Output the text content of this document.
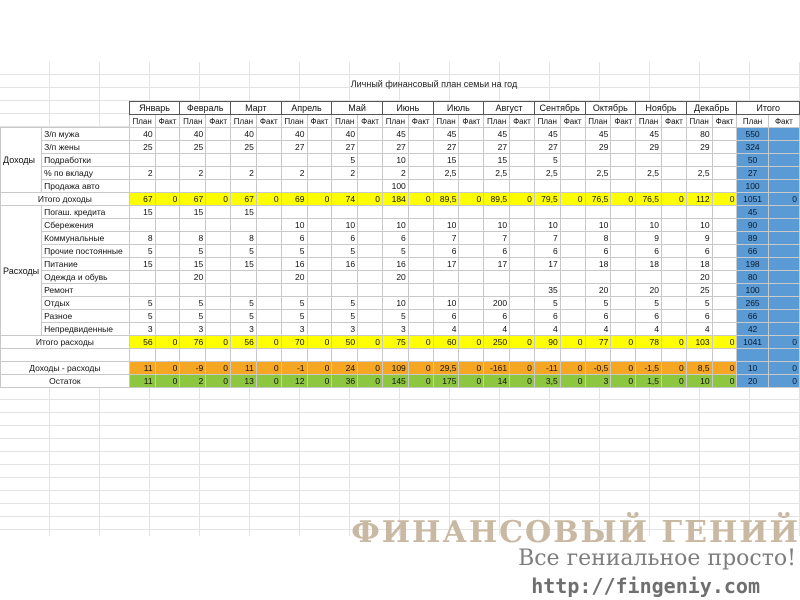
Личный финансовый план семьи на год
		Январь		Февраль		Март		Апрель		Май		Июнь		Июль		Август		Сентябрь		Октябрь		Ноябрь		Декабрь		Итого	
		План	Факт	План	Факт	План	Факт	План	Факт	План	Факт	План	Факт	План	Факт	План	Факт	План	Факт	План	Факт	План	Факт	План	Факт	План	Факт
Доходы	З/п мужа	40		40		40		40		40		45		45		45		45		45		45		80		550	
	З/п жены	25		25		25		27		27		27		27		27		27		29		29		29		324	
	Подработки									5		10		15		15		5								50	
	% по вкладу	2		2		2		2		2		2		2,5		2,5		2,5		2,5		2,5		2,5		27	
	Продажа авто											100														100	
Итого доходы		67	0	67	0	67	0	69	0	74	0	184	0	89,5	0	89,5	0	79,5	0	76,5	0	76,5	0	112	0	1051	0
Расходы	Погаш. кредита	15		15		15																				45	
	Сбережения							10		10		10		10		10		10		10		10		10		90	
	Коммунальные	8		8		8		6		6		6		7		7		7		8		9		9		89	
	Прочие постоянные	5		5		5		5		5		5		6		6		6		6		6		6		66	
	Питание	15		15		15		16		16		16		17		17		17		18		18		18		198	
	Одежда и обувь			20				20				20												20		80	
	Ремонт																	35		20		20		25		100	
	Отдых	5		5		5		5		5		10		10		200		5		5		5		5		265	
	Разное	5		5		5		5		5		5		6		6		6		6		6		6		66	
	Непредвиденные	3		3		3		3		3		3		4		4		4		4		4		4		42	
Итого расходы		56	0	76	0	56	0	70	0	50	0	75	0	60	0	250	0	90	0	77	0	78	0	103	0	1041	0

Доходы - расходы		11	0	-9	0	11	0	-1	0	24	0	109	0	29,5	0	-161	0	-11	0	-0,5	0	-1,5	0	8,5	0	10	0
Остаток		11	0	2	0	13	0	12	0	36	0	145	0	175	0	14	0	3,5	0	3	0	1,5	0	10	0	20	0
ФИНАНСОВЫЙ ГЕНИЙ
Все гениальное просто!
http://fingeniy.com
